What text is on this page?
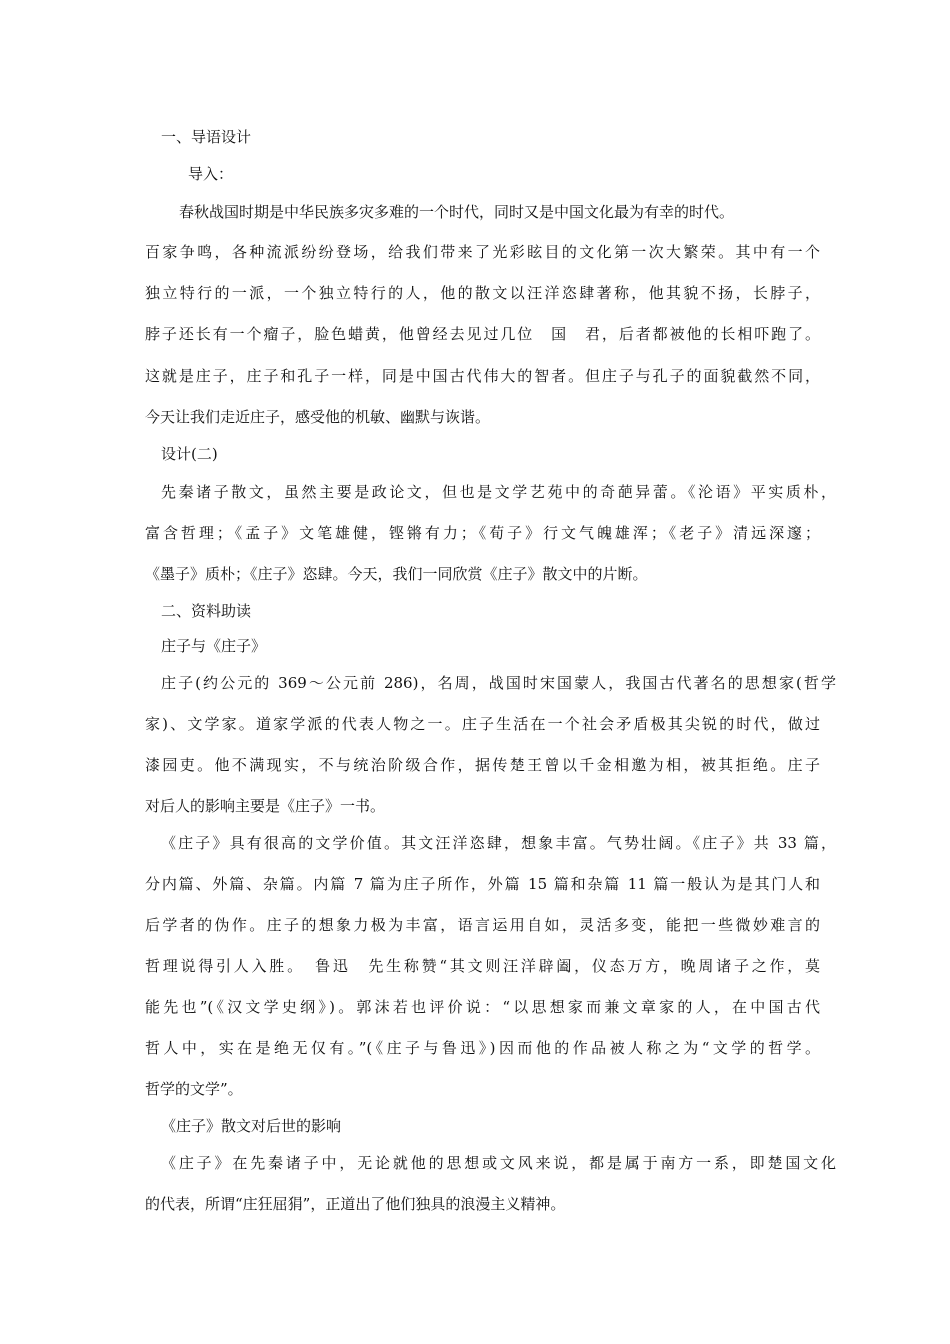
一、导语设计

导入：

春秋战国时期是中华民族多灾多难的一个时代，同时又是中国文化最为有幸的时代。

百家争鸣，各种流派纷纷登场，给我们带来了光彩眩目的文化第一次大繁荣。其中有一个

独立特行的一派，一个独立特行的人，他的散文以汪洋恣肆著称，他其貌不扬，长脖子，

脖子还长有一个瘤子，脸色蜡黄，他曾经去见过几位　国　君，后者都被他的长相吓跑了。

这就是庄子，庄子和孔子一样，同是中国古代伟大的智者。但庄子与孔子的面貌截然不同，

今天让我们走近庄子，感受他的机敏、幽默与诙谐。

设计(二)

先秦诸子散文，虽然主要是政论文，但也是文学艺苑中的奇葩异蕾。《沦语》平实质朴，

富含哲理；《孟子》文笔雄健，铿锵有力；《荀子》行文气魄雄浑；《老子》清远深邃；

《墨子》质朴；《庄子》恣肆。今天，我们一同欣赏《庄子》散文中的片断。

二、资料助读

庄子与《庄子》

庄子(约公元的 369～公元前 286)，名周，战国时宋国蒙人，我国古代著名的思想家(哲学

家)、文学家。道家学派的代表人物之一。庄子生活在一个社会矛盾极其尖锐的时代，做过

漆园吏。他不满现实，不与统治阶级合作，据传楚王曾以千金相邀为相，被其拒绝。庄子

对后人的影响主要是《庄子》一书。

《庄子》具有很高的文学价值。其文汪洋恣肆，想象丰富。气势壮阔。《庄子》共 33 篇，

分内篇、外篇、杂篇。内篇 7 篇为庄子所作，外篇 15 篇和杂篇 11 篇一般认为是其门人和

后学者的伪作。庄子的想象力极为丰富，语言运用自如，灵活多变，能把一些微妙难言的

哲理说得引人入胜。　鲁迅　先生称赞“其文则汪洋辟阖，仪态万方，晚周诸子之作，莫

能先也”(《汉文学史纲》)。郭沫若也评价说：“以思想家而兼文章家的人，在中国古代

哲人中，实在是绝无仅有。”(《庄子与鲁迅》)因而他的作品被人称之为“文学的哲学。

哲学的文学”。

《庄子》散文对后世的影响

《庄子》在先秦诸子中，无论就他的思想或文风来说，都是属于南方一系，即楚国文化

的代表，所谓“庄狂屈狷”，正道出了他们独具的浪漫主义精神。
